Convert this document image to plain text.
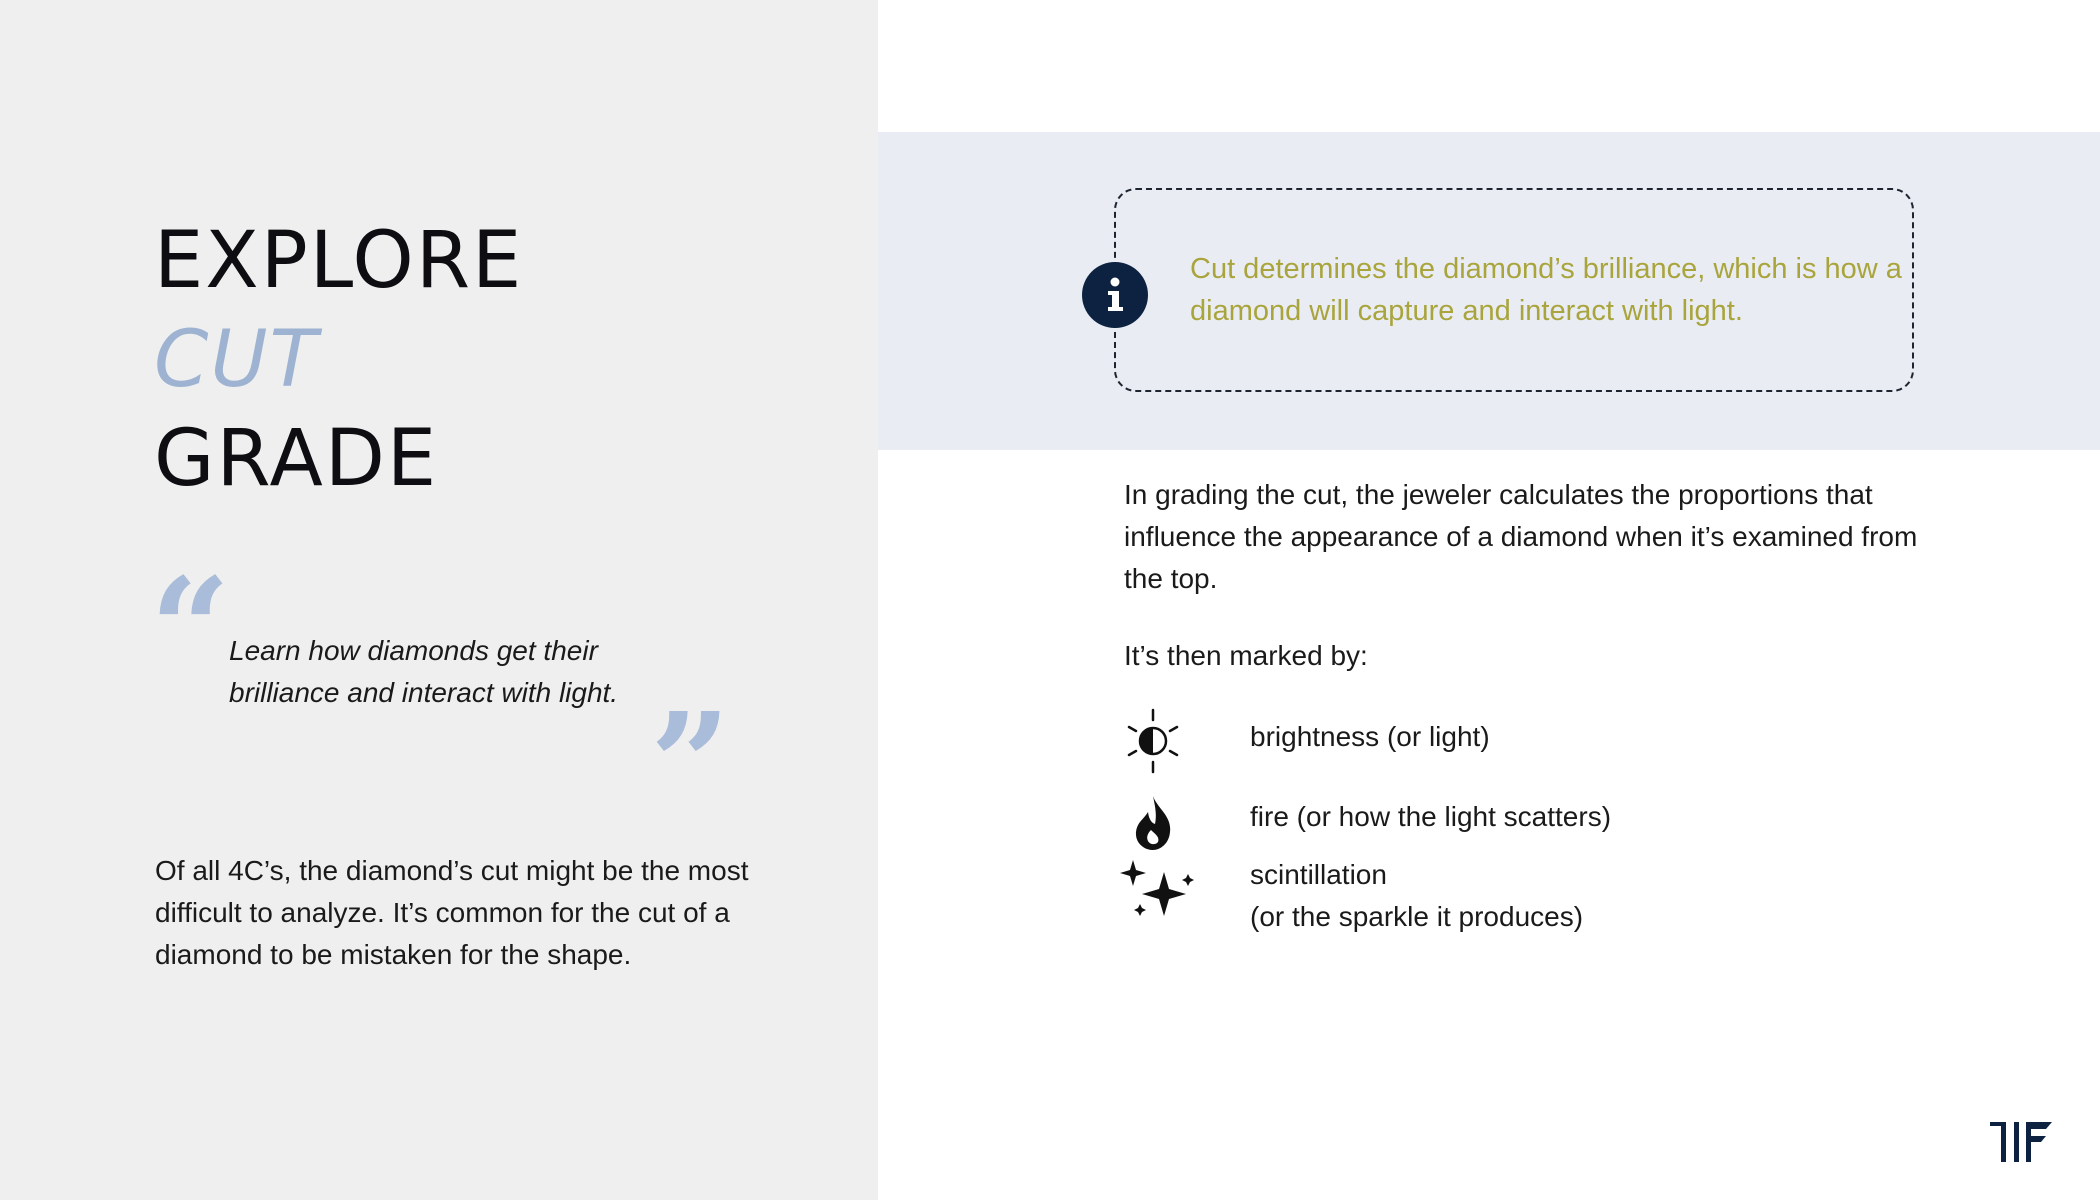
EXPLORE
CUT
GRADE
Learn how diamonds get their brilliance and interact with light.
Of all 4C’s, the diamond’s cut might be the most difficult to analyze. It’s common for the cut of a diamond to be mistaken for the shape.
Cut determines the diamond’s brilliance, which is how a diamond will capture and interact with light.

In grading the cut, the jeweler calculates the proportions that influence the appearance of a diamond when it’s examined from the top.

It’s then marked by:
brightness (or light)
fire (or how the light scatters)
scintillation
(or the sparkle it produces)
